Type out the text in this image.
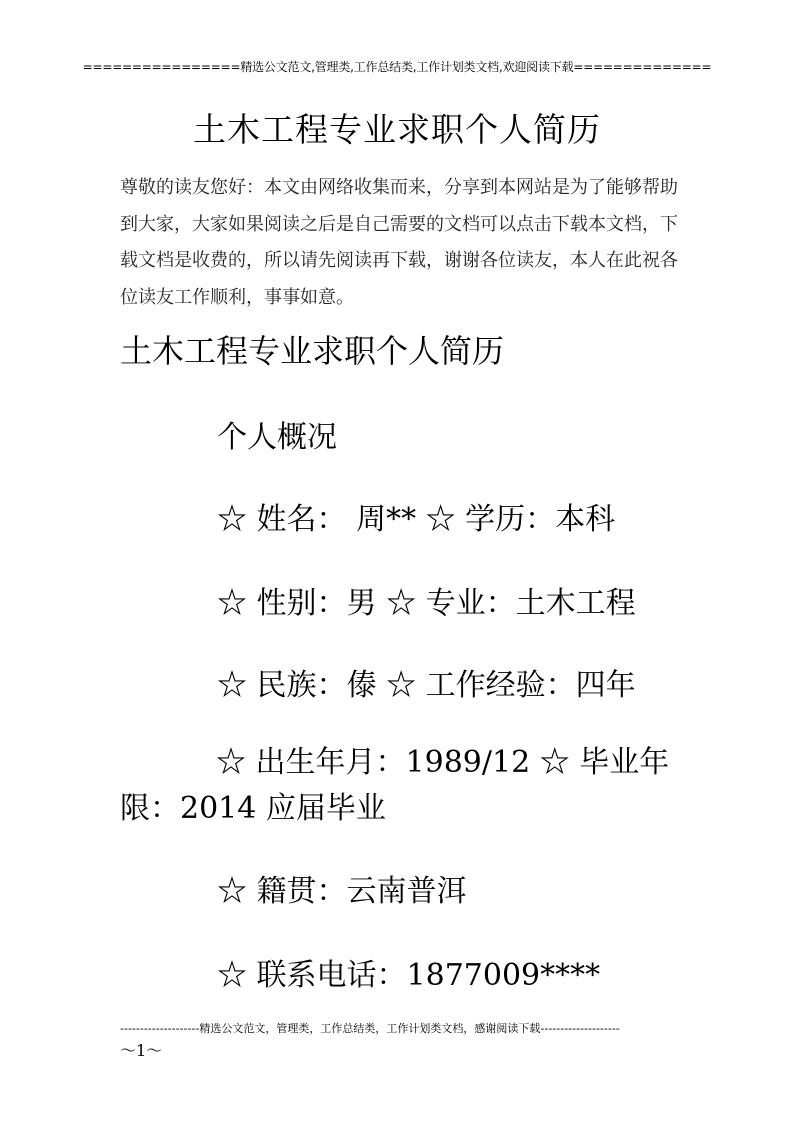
================精选公文范文,管理类,工作总结类,工作计划类文档,欢迎阅读下载==============
土木工程专业求职个人简历
尊敬的读友您好：本文由网络收集而来，分享到本网站是为了能够帮助到大家，大家如果阅读之后是自己需要的文档可以点击下载本文档，下载文档是收费的，所以请先阅读再下载，谢谢各位读友，本人在此祝各位读友工作顺利，事事如意。
土木工程专业求职个人简历
个人概况
☆ 姓名： 周** ☆ 学历：本科
☆ 性别：男 ☆ 专业：土木工程
☆ 民族：傣 ☆ 工作经验：四年
☆ 出生年月：1989/12 ☆ 毕业年限：2014 应届毕业
☆ 籍贯：云南普洱
☆ 联系电话：1877009****
--------------------精选公文范文，管理类，工作总结类，工作计划类文档，感谢阅读下载--------------------
～1～
